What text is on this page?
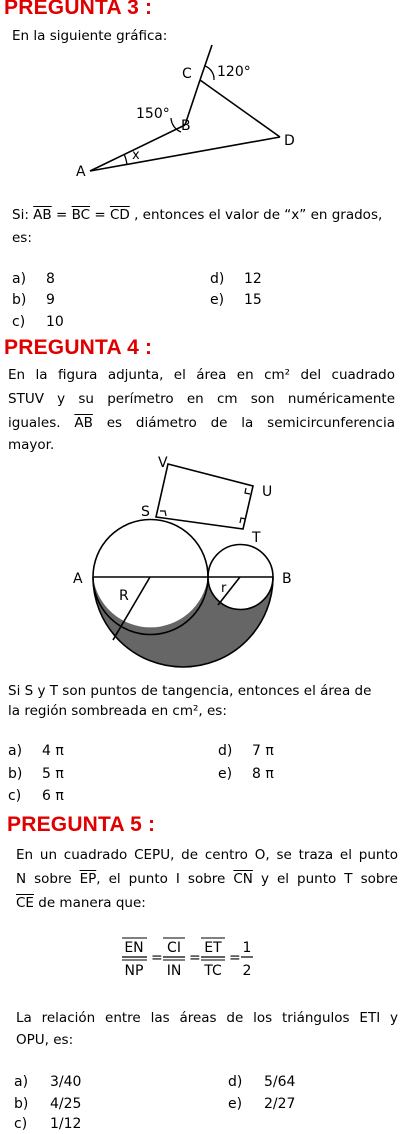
PREGUNTA 3 :
En la siguiente gráfica:
C 120°
150°
B
x
D
A
Si: $\overline{AB} = \overline{BC} = \overline{CD}$ , entonces el valor de “x” en grados,
es:
a) 8
b) 9
c) 10
d) 12
e) 15
PREGUNTA 4 :
En la figura adjunta, el área en cm² del cuadrado
STUV y su perímetro en cm son numéricamente
iguales. $\overline{AB}$ es diámetro de la semicircunferencia
mayor.
V
U
S
T
A	B
R	r
Si S y T son puntos de tangencia, entonces el área de
la región sombreada en cm², es:
a) 4 π
b) 5 π
c) 6 π
d) 7 π
e) 8 π
PREGUNTA 5 :
En un cuadrado CEPU, de centro O, se traza el punto
N sobre $\overline{EP}$, el punto I sobre $\overline{CN}$ y el punto T sobre
$\overline{CE}$ de manera que:
EN
NP
=
CI
IN
=
ET
TC
=
1
2
La relación entre las áreas de los triángulos ETI y
OPU, es:
a) 3/40
b) 4/25
c) 1/12
d) 5/64
e) 2/27
